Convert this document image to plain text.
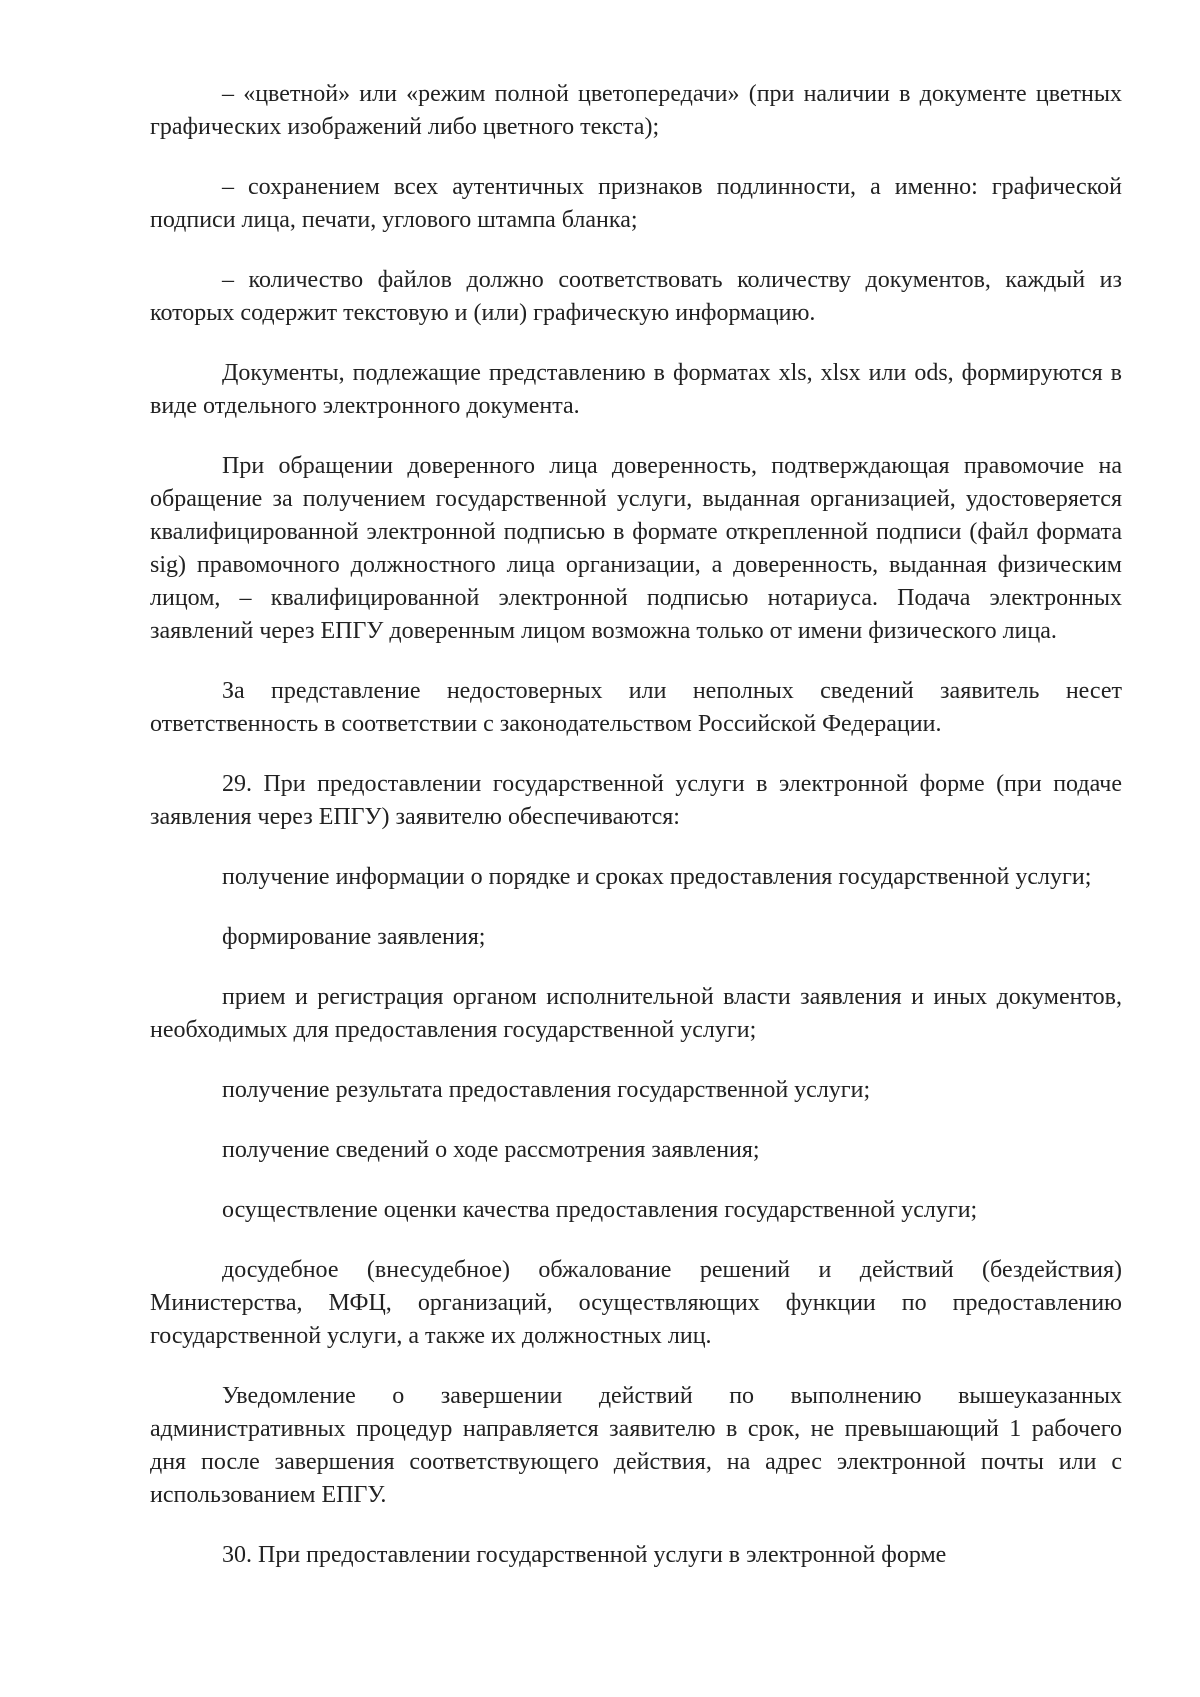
– «цветной» или «режим полной цветопередачи» (при наличии в документе цветных графических изображений либо цветного текста);

– сохранением всех аутентичных признаков подлинности, а именно: графической подписи лица, печати, углового штампа бланка;

– количество файлов должно соответствовать количеству документов, каждый из которых содержит текстовую и (или) графическую информацию.

Документы, подлежащие представлению в форматах xls, xlsx или ods, формируются в виде отдельного электронного документа.

При обращении доверенного лица доверенность, подтверждающая правомочие на обращение за получением государственной услуги, выданная организацией, удостоверяется квалифицированной электронной подписью в формате открепленной подписи (файл формата sig) правомочного должностного лица организации, а доверенность, выданная физическим лицом, – квалифицированной электронной подписью нотариуса. Подача электронных заявлений через ЕПГУ доверенным лицом возможна только от имени физического лица.

За представление недостоверных или неполных сведений заявитель несет ответственность в соответствии с законодательством Российской Федерации.

29. При предоставлении государственной услуги в электронной форме (при подаче заявления через ЕПГУ) заявителю обеспечиваются:

получение информации о порядке и сроках предоставления государственной услуги;

формирование заявления;

прием и регистрация органом исполнительной власти заявления и иных документов, необходимых для предоставления государственной услуги;

получение результата предоставления государственной услуги;

получение сведений о ходе рассмотрения заявления;

осуществление оценки качества предоставления государственной услуги;

досудебное (внесудебное) обжалование решений и действий (бездействия) Министерства, МФЦ, организаций, осуществляющих функции по предоставлению государственной услуги, а также их должностных лиц.

Уведомление о завершении действий по выполнению вышеуказанных административных процедур направляется заявителю в срок, не превышающий 1 рабочего дня после завершения соответствующего действия, на адрес электронной почты или с использованием ЕПГУ.

30. При предоставлении государственной услуги в электронной форме
